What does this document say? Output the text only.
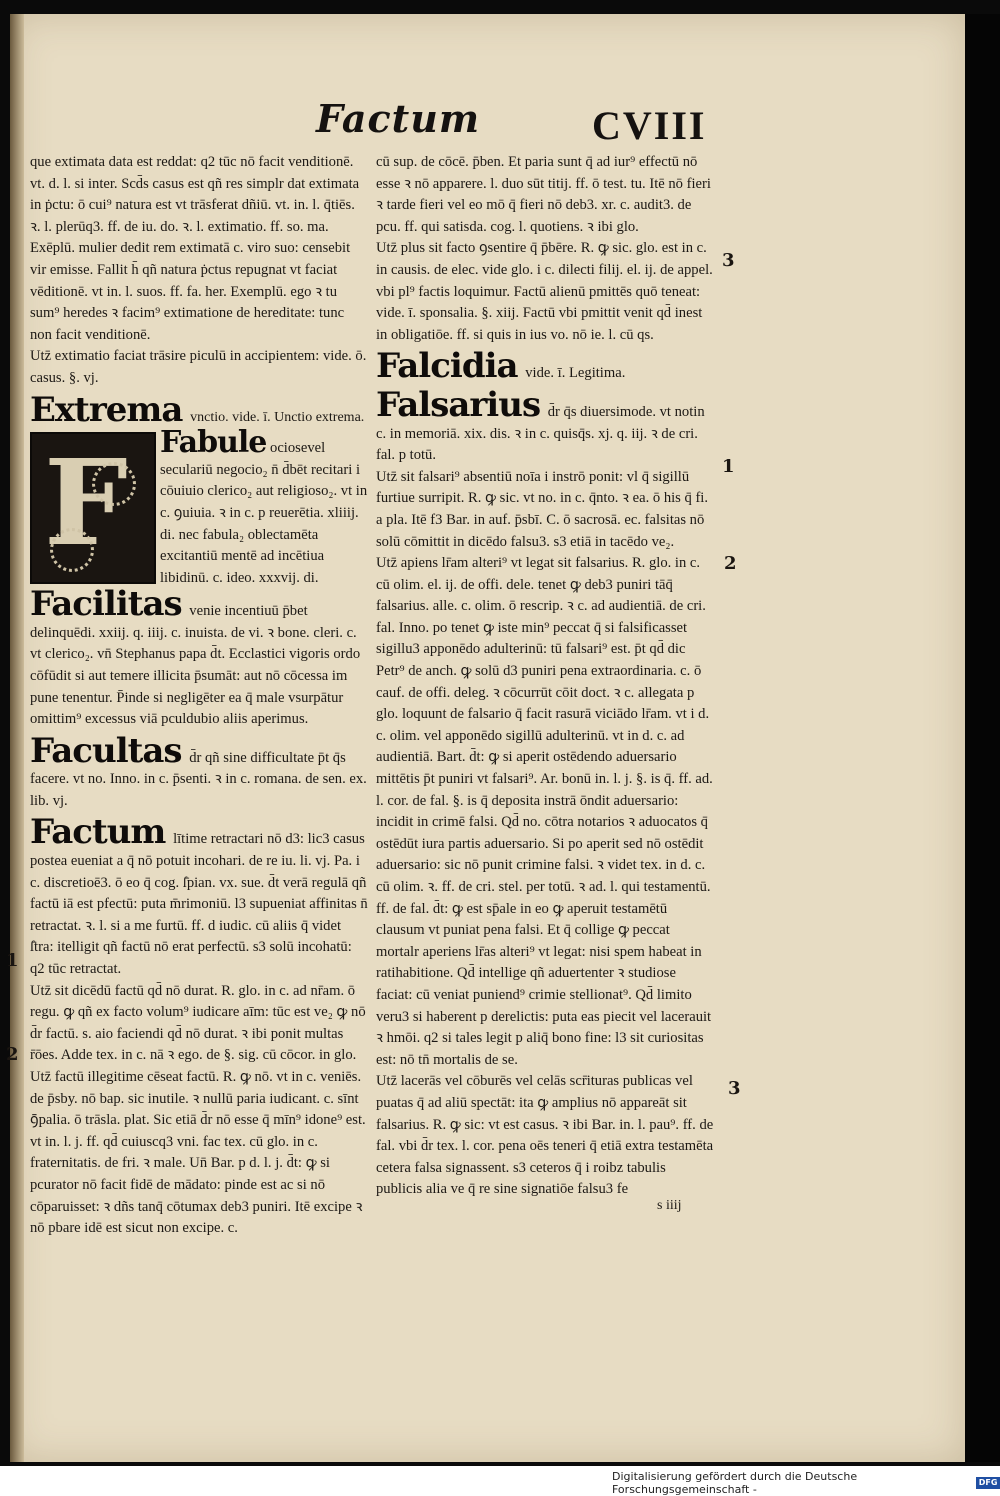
Factum	CVIII

que extimata data est reddat: q2 tūc nō facit venditionē. vt. d. l. si inter. Scd̄s casus est qñ res simplr dat extimata in ṗctu: ō cui⁹ natura est vt trāsferat dñiū. vt. in. l. q̄tiēs. ꝛ. l. plerūq3. ff. de iu. do. ꝛ. l. extimatio. ff. so. ma. Exēplū. mulier dedit rem extimatā c. viro suo: censebit vir emisse. Fallit h̄ qñ natura ṗctus repugnat vt faciat vēditionē. vt in. l. suos. ff. fa. her. Exemplū. ego ꝛ tu sum⁹ heredes ꝛ facim⁹ extimatione de hereditate: tunc non facit venditionē.

Utz̄ extimatio faciat trāsire piculū in accipientem: vide. ō. casus. §. vj.

Extrema vnctio. vide. ī. Unctio extrema.
F Fabule ociosevel seculariū negocio₂ n̄ d̄bēt recitari i cōuiuio clerico₂ aut religioso₂. vt in c. ꝯuiuia. ꝛ in c. p reuerētia. xliiij. di. nec fabula₂ oblectamēta excitantiū mentē ad incētiua libidinū. c. ideo. xxxvij. di.
Facilitas venie incentiuū p̄bet delinquēdi. xxiij. q. iiij. c. inuista. de vi. ꝛ bone. cleri. c. vt clerico₂. vn̄ Stephanus papa d̄t. Ecclastici vigoris ordo cōfūdit si aut temere illicita p̄sumāt: aut nō cōcessa im pune tenentur. P̄inde si negligēter ea q̄ male vsurpātur omittim⁹ excessus viā pculdubio aliis aperimus.
Facultas d̄r qñ sine difficultate p̄t q̄s facere. vt no. Inno. in c. p̄senti. ꝛ in c. romana. de sen. ex. lib. vj.
Factum lītime retractari nō d3: lic3 casus postea eueniat a q̄ nō potuit incohari. de re iu. li. vj. Pa. i c. discretioē3. ō eo q̄ cog. ſ̄pian. vx. sue. d̄t verā regulā qñ factū iā est pfectū: puta m̄rimoniū. l3 supueniat affinitas n̄ retractat. ꝛ. l. si a me furtū. ff. d iudic. cū aliis q̄ videt ſ̄tra: itelligit qñ factū nō erat perfectū. s3 solū incohatū: q2 tūc retractat.

Utz̄ sit dicēdū factū qd̄ nō durat. R. glo. in c. ad nr̄am. ō regu. ꝙ qñ ex facto volum⁹ iudicare aīm: tūc est ve₂ ꝙ nō d̄r factū. s. aio faciendi qd̄ nō durat. ꝛ ibi ponit multas r̄ōes. Adde tex. in c. nā ꝛ ego. de §. sig. cū cōcor. in glo.

Utz̄ factū illegitime cēseat factū. R. ꝙ nō. vt in c. veniēs. de p̄sby. nō bap. sic inutile. ꝛ nullū paria iudicant. c. sīnt ꝯ̄palia. ō trāsla. plat. Sic etiā d̄r nō esse q̄ mīn⁹ idone⁹ est. vt in. l. j. ff. qd̄ cuiuscq3 vni. fac tex. cū glo. in c. fraternitatis. de fri. ꝛ male. Un̄ Bar. p d. l. j. d̄t: ꝙ si pcurator nō facit fidē de mādato: pinde est ac si nō cōparuisset: ꝛ dñs tanq̄ cōtumax deb3 puniri. Itē excipe ꝛ nō pbare idē est sicut non excipe. c.

cū sup. de cōcē. p̄ben. Et paria sunt q̄ ad iur⁹ effectū nō esse ꝛ nō apparere. l. duo sūt titij. ff. ō test. tu. Itē nō fieri ꝛ tarde fieri vel eo mō q̄ fieri nō deb3. xr. c. audit3. de pcu. ff. qui satisda. cog. l. quotiens. ꝛ ibi glo.

Utz̄ plus sit facto ꝯsentire q̄ p̄bēre. R. ꝙ sic. glo. est in c. in causis. de elec. vide glo. i c. dilecti filij. el. ij. de appel. vbi pl⁹ factis loquimur. Factū alienū pmittēs quō teneat: vide. ī. sponsalia. §. xiij. Factū vbi pmittit venit qd̄ inest in obligatiōe. ff. si quis in ius vo. nō ie. l. cū qs.

Falcidia vide. ī. Legitima.
Falsarius d̄r q̄s diuersimode. vt notin c. in memoriā. xix. dis. ꝛ in c. quisq̄s. xj. q. iij. ꝛ de cri. fal. p totū.

Utz̄ sit falsari⁹ absentiū noīa i instrō ponit: vl q̄ sigillū furtiue surripit. R. ꝙ sic. vt no. in c. q̄nto. ꝛ ea. ō his q̄ fi. a pla. Itē f3 Bar. in auf. p̄sbī. C. ō sacrosā. ec. falsitas nō solū cōmittit in dicēdo falsu3. s3 etiā in tacēdo ve₂.

Utz̄ apiens lr̄am alteri⁹ vt legat sit falsarius. R. glo. in c. cū olim. el. ij. de offi. dele. tenet ꝙ deb3 puniri tāq̄ falsarius. alle. c. olim. ō rescrip. ꝛ c. ad audientiā. de cri. fal. Inno. po tenet ꝙ iste min⁹ peccat q̄ si falsificasset sigillu3 apponēdo adulterinū: tū falsari⁹ est. p̄t qd̄ dic Petr⁹ de anch. ꝙ solū d3 puniri pena extraordinaria. c. ō cauf. de offi. deleg. ꝛ cōcurrūt cōit doct. ꝛ c. allegata p glo. loquunt de falsario q̄ facit rasurā viciādo lr̄am. vt i d. c. olim. vel apponēdo sigillū adulterinū. vt in d. c. ad audientiā. Bart. d̄t: ꝙ si aperit ostēdendo aduersario mittētis p̄t puniri vt falsari⁹. Ar. bonū in. l. j. §. is q̄. ff. ad. l. cor. de fal. §. is q̄ deposita instrā ōndit aduersario: incidit in crimē falsi. Qd̄ no. cōtra notarios ꝛ aduocatos q̄ ostēdūt iura partis aduersario. Si po aperit sed nō ostēdit aduersario: sic nō punit crimine falsi. ꝛ videt tex. in d. c. cū olim. ꝛ. ff. de cri. stel. per totū. ꝛ ad. l. qui testamentū. ff. de fal. d̄t: ꝙ est sp̄ale in eo ꝙ aperuit testamētū clausum vt puniat pena falsi. Et q̄ collige ꝙ peccat mortalr aperiens lr̄as alteri⁹ vt legat: nisi spem habeat in ratihabitione. Qd̄ intellige qñ aduertenter ꝛ studiose faciat: cū veniat puniend⁹ crimie stellionat⁹. Qd̄ limito veru3 si haberent p derelictis: puta eas piecit vel lacerauit ꝛ hmōi. q2 si tales legit p aliq̄ bono fine: l3 sit curiositas est: nō tn̄ mortalis de se.

Utz̄ lacerās vel cōburēs vel celās scr̄ituras publicas vel puatas q̄ ad aliū spectāt: ita ꝙ amplius nō appareāt sit falsarius. R. ꝙ sic: vt est casus. ꝛ ibi Bar. in. l. pau⁹. ff. de fal. vbi d̄r tex. l. cor. pena oēs teneri q̄ etiā extra testamēta cetera falsa signassent. s3 ceteros q̄ i roibz tabulis publicis alia ve q̄ re sine signatiōe falsu3 fe

s iiij
3
1
2
3
1
2
Digitalisierung gefördert durch die Deutsche Forschungsgemeinschaft -
DFG
